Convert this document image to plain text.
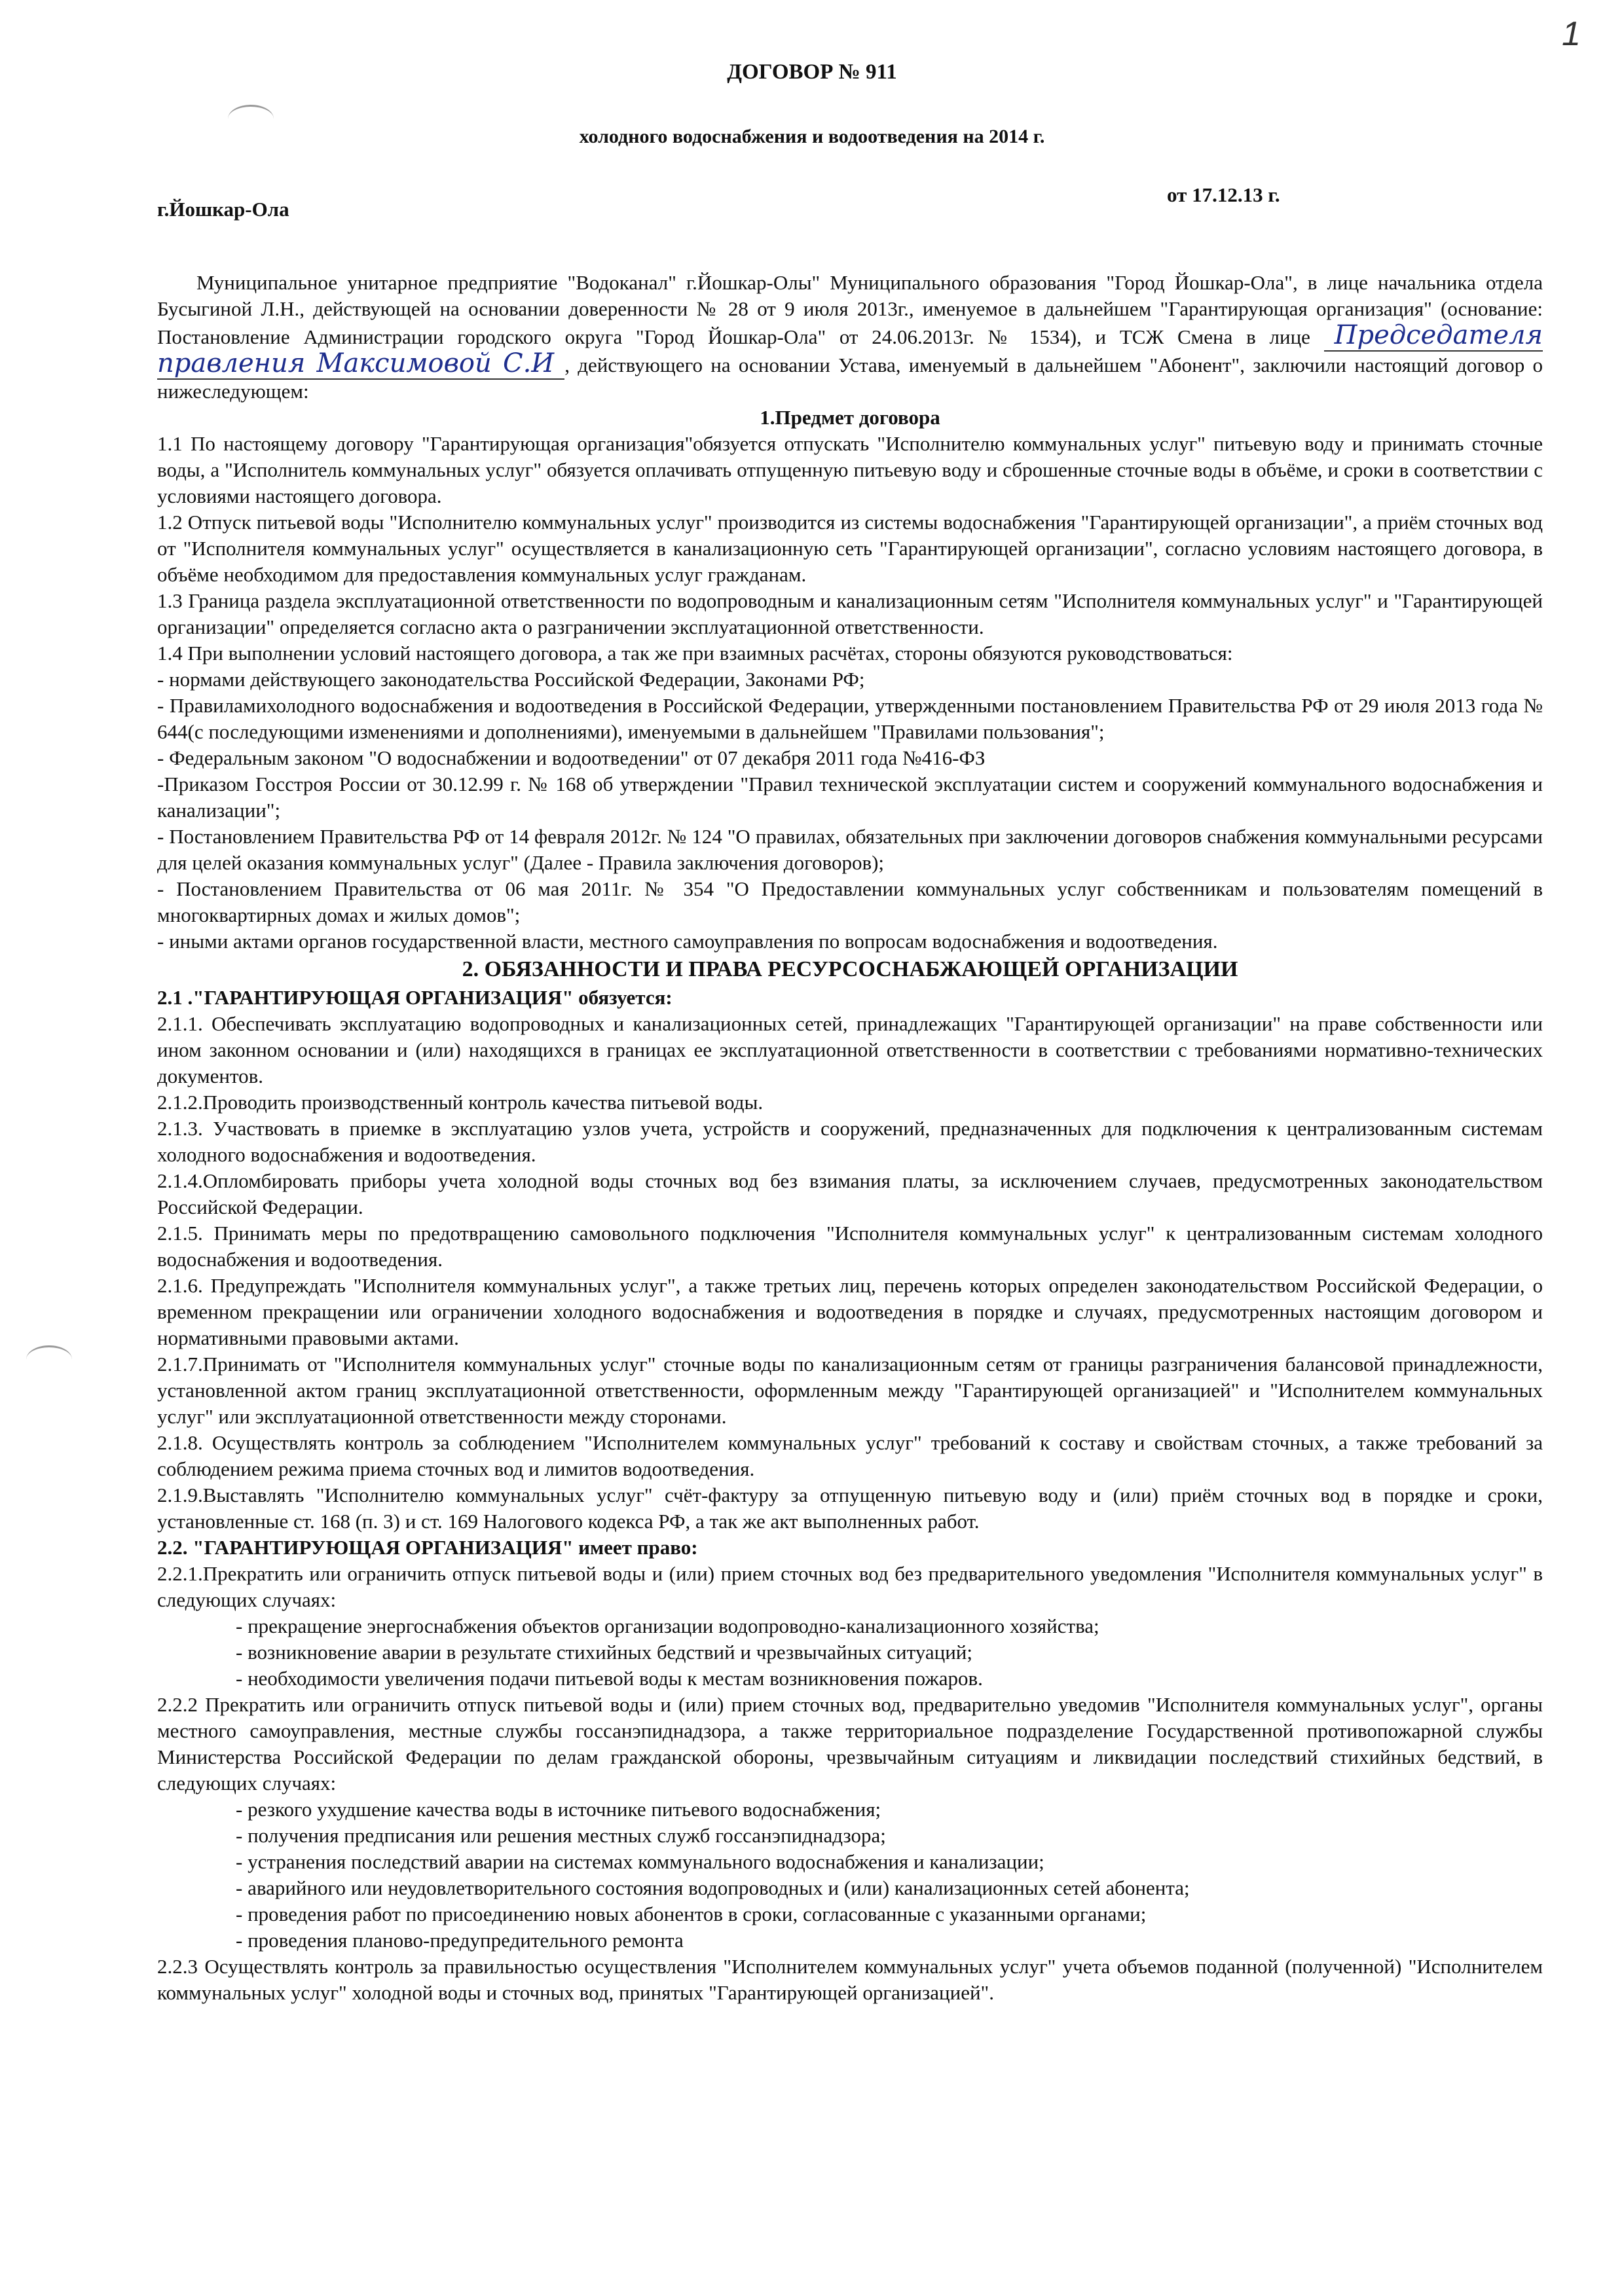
1
ДОГОВОР № 911
холодного водоснабжения и водоотведения на 2014 г.
г.Йошкар-Ола
от 17.12.13 г.

Муниципальное унитарное предприятие "Водоканал" г.Йошкар-Олы" Муниципального образования "Город Йошкар-Ола", в лице начальника отдела Бусыгиной Л.Н., действующей на основании доверенности № 28 от 9 июля 2013г., именуемое в дальнейшем "Гарантирующая организация" (основание: Постановление Администрации городского округа "Город Йошкар-Ола" от 24.06.2013г. № 1534), и ТСЖ Смена в лице Председателя правления Максимовой С.И , действующего на основании Устава, именуемый в дальнейшем "Абонент", заключили настоящий договор о нижеследующем:

1.Предмет договора

1.1 По настоящему договору "Гарантирующая организация"обязуется отпускать "Исполнителю коммунальных услуг" питьевую воду и принимать сточные воды, а "Исполнитель коммунальных услуг" обязуется оплачивать отпущенную питьевую воду и сброшенные сточные воды в объёме, и сроки в соответствии с условиями настоящего договора.

1.2 Отпуск питьевой воды "Исполнителю коммунальных услуг" производится из системы водоснабжения "Гарантирующей организации", а приём сточных вод от "Исполнителя коммунальных услуг" осуществляется в канализационную сеть "Гарантирующей организации", согласно условиям настоящего договора, в объёме необходимом для предоставления коммунальных услуг гражданам.

1.3 Граница раздела эксплуатационной ответственности по водопроводным и канализационным сетям "Исполнителя коммунальных услуг" и "Гарантирующей организации" определяется согласно акта о разграничении эксплуатационной ответственности.

1.4 При выполнении условий настоящего договора, а так же при взаимных расчётах, стороны обязуются руководствоваться:

- нормами действующего законодательства Российской Федерации, Законами РФ;

- Правиламихолодного водоснабжения и водоотведения в Российской Федерации, утвержденными постановлением Правительства РФ от 29 июля 2013 года № 644(с последующими изменениями и дополнениями), именуемыми в дальнейшем "Правилами пользования";

- Федеральным законом "О водоснабжении и водоотведении" от 07 декабря 2011 года №416-ФЗ

-Приказом Госстроя России от 30.12.99 г. № 168 об утверждении "Правил технической эксплуатации систем и сооружений коммунального водоснабжения и канализации";

- Постановлением Правительства РФ от 14 февраля 2012г. № 124 "О правилах, обязательных при заключении договоров снабжения коммунальными ресурсами для целей оказания коммунальных услуг" (Далее - Правила заключения договоров);

- Постановлением Правительства от 06 мая 2011г. № 354 "О Предоставлении коммунальных услуг собственникам и пользователям помещений в многоквартирных домах и жилых домов";

- иными актами органов государственной власти, местного самоуправления по вопросам водоснабжения и водоотведения.

2. ОБЯЗАННОСТИ И ПРАВА РЕСУРСОСНАБЖАЮЩЕЙ ОРГАНИЗАЦИИ

2.1 ."ГАРАНТИРУЮЩАЯ ОРГАНИЗАЦИЯ" обязуется:

2.1.1. Обеспечивать эксплуатацию водопроводных и канализационных сетей, принадлежащих "Гарантирующей организации" на праве собственности или ином законном основании и (или) находящихся в границах ее эксплуатационной ответственности в соответствии с требованиями нормативно-технических документов.

2.1.2.Проводить производственный контроль качества питьевой воды.

2.1.3. Участвовать в приемке в эксплуатацию узлов учета, устройств и сооружений, предназначенных для подключения к централизованным системам холодного водоснабжения и водоотведения.

2.1.4.Опломбировать приборы учета холодной воды сточных вод без взимания платы, за исключением случаев, предусмотренных законодательством Российской Федерации.

2.1.5. Принимать меры по предотвращению самовольного подключения "Исполнителя коммунальных услуг" к централизованным системам холодного водоснабжения и водоотведения.

2.1.6. Предупреждать "Исполнителя коммунальных услуг", а также третьих лиц, перечень которых определен законодательством Российской Федерации, о временном прекращении или ограничении холодного водоснабжения и водоотведения в порядке и случаях, предусмотренных настоящим договором и нормативными правовыми актами.

2.1.7.Принимать от "Исполнителя коммунальных услуг" сточные воды по канализационным сетям от границы разграничения балансовой принадлежности, установленной актом границ эксплуатационной ответственности, оформленным между "Гарантирующей организацией" и "Исполнителем коммунальных услуг" или эксплуатационной ответственности между сторонами.

2.1.8. Осуществлять контроль за соблюдением "Исполнителем коммунальных услуг" требований к составу и свойствам сточных, а также требований за соблюдением режима приема сточных вод и лимитов водоотведения.

2.1.9.Выставлять "Исполнителю коммунальных услуг" счёт-фактуру за отпущенную питьевую воду и (или) приём сточных вод в порядке и сроки, установленные ст. 168 (п. 3) и ст. 169 Налогового кодекса РФ, а так же акт выполненных работ.

2.2. "ГАРАНТИРУЮЩАЯ ОРГАНИЗАЦИЯ" имеет право:

2.2.1.Прекратить или ограничить отпуск питьевой воды и (или) прием сточных вод без предварительного уведомления "Исполнителя коммунальных услуг" в следующих случаях:

- прекращение энергоснабжения объектов организации водопроводно-канализационного хозяйства;

- возникновение аварии в результате стихийных бедствий и чрезвычайных ситуаций;

- необходимости увеличения подачи питьевой воды к местам возникновения пожаров.

2.2.2 Прекратить или ограничить отпуск питьевой воды и (или) прием сточных вод, предварительно уведомив "Исполнителя коммунальных услуг", органы местного самоуправления, местные службы госсанэпиднадзора, а также территориальное подразделение Государственной противопожарной службы Министерства Российской Федерации по делам гражданской обороны, чрезвычайным ситуациям и ликвидации последствий стихийных бедствий, в следующих случаях:

- резкого ухудшение качества воды в источнике питьевого водоснабжения;

- получения предписания или решения местных служб госсанэпиднадзора;

- устранения последствий аварии на системах коммунального водоснабжения и канализации;

- аварийного или неудовлетворительного состояния водопроводных и (или) канализационных сетей абонента;

- проведения работ по присоединению новых абонентов в сроки, согласованные с указанными органами;

- проведения планово-предупредительного ремонта

2.2.3 Осуществлять контроль за правильностью осуществления "Исполнителем коммунальных услуг" учета объемов поданной (полученной) "Исполнителем коммунальных услуг" холодной воды и сточных вод, принятых "Гарантирующей организацией".
